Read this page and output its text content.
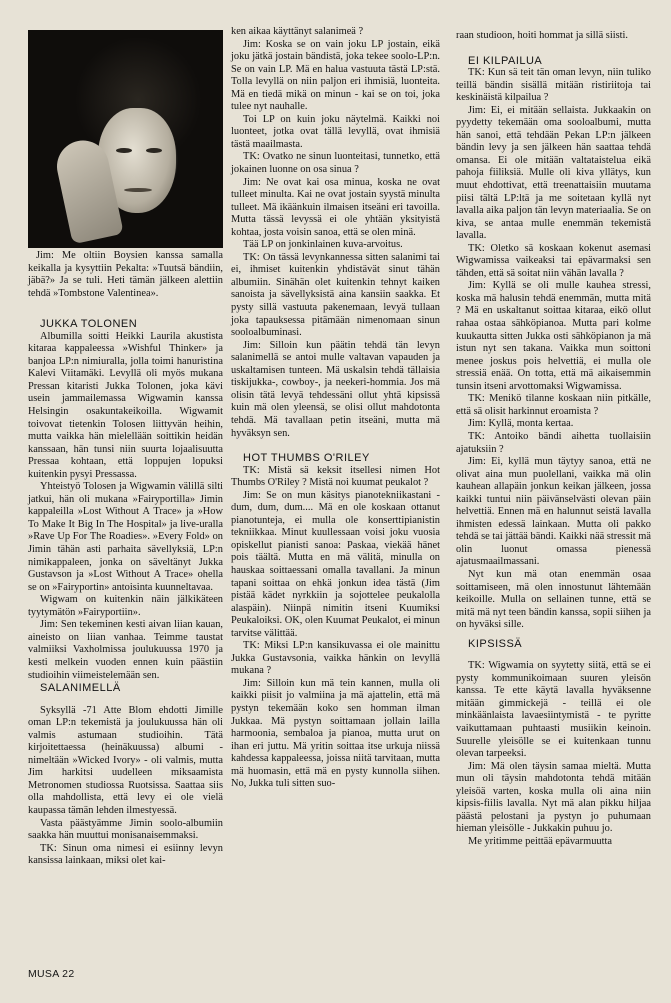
Jim: Me oltiin Boysien kanssa samalla keikalla ja kysyttiin Pekalta: »Tuutsä bändiin, jäbä?» Ja se tuli. Heti tämän jälkeen alettiin tehdä »Tombstone Valentinea».

JUKKA TOLONEN

Albumilla soitti Heikki Laurila akustista kitaraa kappaleessa »Wishful Thinker» ja banjoa LP:n nimiuralla, jolla toimi hanuristina Kalevi Viitamäki. Levyllä oli myös mukana Pressan kitaristi Jukka Tolonen, joka kävi usein jammailemassa Wigwamin kanssa Helsingin osakuntakeikoilla. Wigwamit toivovat tietenkin Tolosen liittyvän heihin, mutta vaikka hän mielellään soittikin heidän kanssaan, hän tunsi niin suurta lojaalisuutta Pressaa kohtaan, että loppujen lopuksi kuitenkin pysyi Pressassa.

Yhteistyö Tolosen ja Wigwamin välillä silti jatkui, hän oli mukana »Fairyportilla» Jimin kappaleilla »Lost Without A Trace» ja »How To Make It Big In The Hospital» ja live-uralla »Rave Up For The Roadies». »Every Fold» on Jimin tähän asti parhaita sävellyksiä, LP:n nimikappaleen, jonka on säveltänyt Jukka Gustavson ja »Lost Without A Trace» ohella se on »Fairyportin» antoisinta kuunneltavaa.

Wigwam on kuitenkin näin jälkikäteen tyytymätön »Fairyportiin».

Jim: Sen tekeminen kesti aivan liian kauan, aineisto on liian vanhaa. Teimme taustat valmiiksi Vaxholmissa joulukuussa 1970 ja kesti melkein vuoden ennen kuin päästiin studioihin viimeistelemään sen.

SALANIMELLÄ

Syksyllä -71 Atte Blom ehdotti Jimille oman LP:n tekemistä ja joulukuussa hän oli valmis astumaan studioihin. Tätä kirjoitettaessa (heinäkuussa) albumi - nimeltään »Wicked Ivory» - oli valmis, mutta Jim harkitsi uudelleen miksaamista Metronomen studiossa Ruotsissa. Saattaa siis olla mahdollista, että levy ei ole vielä kaupassa tämän lehden ilmestyessä.

Vasta päästyämme Jimin soolo-albumiin saakka hän muuttui monisanaisemmaksi.

TK: Sinun oma nimesi ei esiinny levyn kansissa lainkaan, miksi olet kai-

ken aikaa käyttänyt salanimeä ?

Jim: Koska se on vain joku LP jostain, eikä joku jätkä jostain bändistä, joka tekee soolo-LP:n. Se on vain LP. Mä en halua vastuuta tästä LP:stä. Tolla levyllä on niin paljon eri ihmisiä, luonteita. Mä en tiedä mikä on minun - kai se on toi, joka tulee nyt nauhalle.

Toi LP on kuin joku näytelmä. Kaikki noi luonteet, jotka ovat tällä levyllä, ovat ihmisiä tästä maailmasta.

TK: Ovatko ne sinun luonteitasi, tunnetko, että jokainen luonne on osa sinua ?

Jim: Ne ovat kai osa minua, koska ne ovat tulleet minulta. Kai ne ovat jostain syystä minulta tulleet. Mä ikäänkuin ilmaisen itseäni eri tavoilla. Mutta tässä levyssä ei ole yhtään yksityistä kohtaa, josta voisin sanoa, että se olen minä.

Tää LP on jonkinlainen kuva-arvoitus.

TK: On tässä levynkannessa sitten salanimi tai ei, ihmiset kuitenkin yhdistävät sinut tähän albumiin. Sinähän olet kuitenkin tehnyt kaiken sanoista ja sävellyksistä aina kansiin saakka. Et pysty sillä vastuuta pakenemaan, levyä tullaan joka tapauksessa pitämään nimenomaan sinun sooloalbuminasi.

Jim: Silloin kun päätin tehdä tän levyn salanimellä se antoi mulle valtavan vapauden ja uskaltamisen tunteen. Mä uskalsin tehdä tällaisia tiskijukka-, cowboy-, ja neekeri-hommia. Jos mä olisin tätä levyä tehdessäni ollut yhtä kipsissä kuin mä olen yleensä, se olisi ollut mahdotonta tehdä. Mä tavallaan petin itseäni, mutta mä hyväksyn sen.

HOT THUMBS O'RILEY

TK: Mistä sä keksit itsellesi nimen Hot Thumbs O'Riley ? Mistä noi kuumat peukalot ?

Jim: Se on mun käsitys pianotekniikastani - dum, dum, dum.... Mä en ole koskaan ottanut pianotunteja, ei mulla ole konserttipianistin tekniikkaa. Minut kuullessaan voisi joku vuosia opiskellut pianisti sanoa: Paskaa, viekää hänet pois täältä. Mutta en mä välitä, minulla on hauskaa soittaessani omalla tavallani. Ja minun tapani soittaa on ehkä jonkun idea tästä (Jim pistää kädet nyrkkiin ja sojottelee peukalolla alaspäin). Niinpä nimitin itseni Kuumiksi Peukaloiksi. OK, olen Kuumat Peukalot, ei minun tarvitse välittää.

TK: Miksi LP:n kansikuvassa ei ole mainittu Jukka Gustavsonia, vaikka hänkin on levyllä mukana ?

Jim: Silloin kun mä tein kannen, mulla oli kaikki piisit jo valmiina ja mä ajattelin, että mä pystyn tekemään koko sen homman ilman Jukkaa. Mä pystyn soittamaan jollain lailla harmoonia, sembaloa ja pianoa, mutta urut on ihan eri juttu. Mä yritin soittaa itse urkuja niissä kahdessa kappaleessa, joissa niitä tarvitaan, mutta mä huomasin, että mä en pysty kunnolla siihen. No, Jukka tuli sitten suo-

raan studioon, hoiti hommat ja sillä siisti.

EI KILPAILUA

TK: Kun sä teit tän oman levyn, niin tuliko teillä bändin sisällä mitään ristiriitoja tai keskinäistä kilpailua ?

Jim: Ei, ei mitään sellaista. Jukkaakin on pyydetty tekemään oma sooloalbumi, mutta hän sanoi, että tehdään Pekan LP:n jälkeen bändin levy ja sen jälkeen hän saattaa tehdä omansa. Ei ole mitään valtataistelua eikä pahoja fiiliksiä. Mulle oli kiva yllätys, kun muut ehdottivat, että treenattaisiin muutama piisi tältä LP:ltä ja me soitetaan kyllä nyt lavalla aika paljon tän levyn materiaalia. Se on kiva, se antaa mulle enemmän tekemistä lavalla.

TK: Oletko sä koskaan kokenut asemasi Wigwamissa vaikeaksi tai epävarmaksi sen tähden, että sä soitat niin vähän lavalla ?

Jim: Kyllä se oli mulle kauhea stressi, koska mä halusin tehdä enemmän, mutta mitä ? Mä en uskaltanut soittaa kitaraa, eikö ollut rahaa ostaa sähköpianoa. Mutta pari kolme kuukautta sitten Jukka osti sähköpianon ja mä istun nyt sen takana. Vaikka mun soittoni menee joskus pois helvettiä, ei mulla ole stressiä enää. On totta, että mä aikaisemmin tunsin itseni arvottomaksi Wigwamissa.

TK: Menikö tilanne koskaan niin pitkälle, että sä olisit harkinnut eroamista ?

Jim: Kyllä, monta kertaa.

TK: Antoiko bändi aihetta tuollaisiin ajatuksiin ?

Jim: Ei, kyllä mun täytyy sanoa, että ne olivat aina mun puolellani, vaikka mä olin kauhean allapäin jonkun keikan jälkeen, jossa kaikki tuntui niin päivänselvästi olevan päin helvettiä. Ennen mä en halunnut seistä lavalla ihmisten edessä lainkaan. Mutta oli pakko tehdä se tai jättää bändi. Kaikki nää stressit mä olin luonut omassa pienessä ajatusmaailmassani.

Nyt kun mä otan enemmän osaa soittamiseen, mä olen innostunut lähtemään keikoille. Mulla on sellainen tunne, että se mitä mä nyt teen bändin kanssa, sopii siihen ja on hyväksi sille.

KIPSISSÄ

TK: Wigwamia on syytetty siitä, että se ei pysty kommunikoimaan suuren yleisön kanssa. Te ette käytä lavalla hyväksenne mitään gimmickejä - teillä ei ole minkäänlaista lavaesiintymistä - te pyritte vaikuttamaan puhtaasti musiikin keinoin. Suurelle yleisölle se ei kuitenkaan tunnu olevan tarpeeksi.

Jim: Mä olen täysin samaa mieltä. Mutta mun oli täysin mahdotonta tehdä mitään yleisöä varten, koska mulla oli aina niin kipsis-fiilis lavalla. Nyt mä alan pikku hiljaa päästä pelostani ja pystyn jo puhumaan hieman yleisölle - Jukkakin puhuu jo.

Me yritimme peittää epävarmuutta

MUSA 22
